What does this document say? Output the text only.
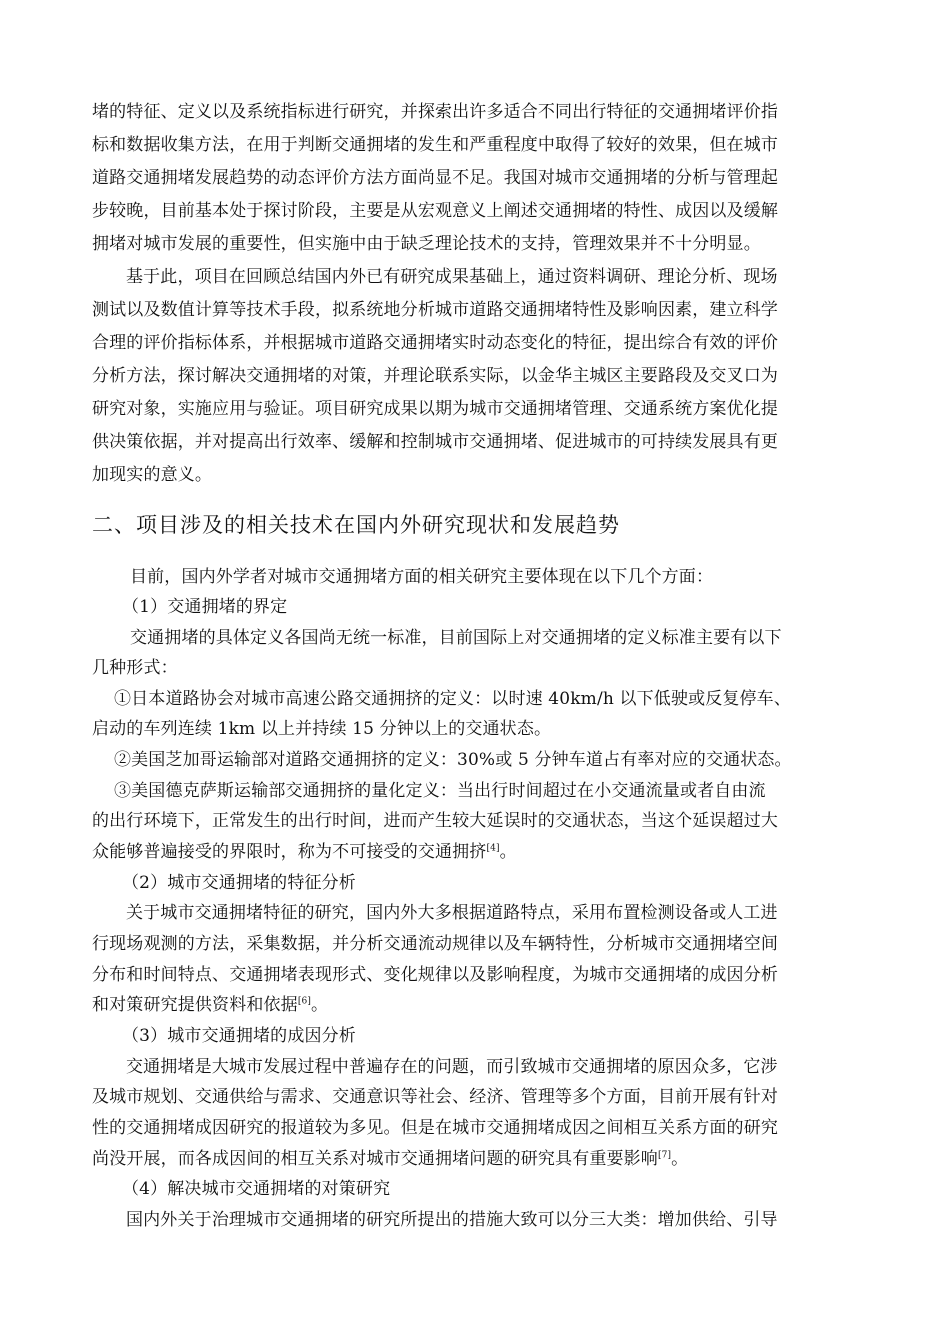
堵的特征、定义以及系统指标进行研究，并探索出许多适合不同出行特征的交通拥堵评价指
标和数据收集方法，在用于判断交通拥堵的发生和严重程度中取得了较好的效果，但在城市
道路交通拥堵发展趋势的动态评价方法方面尚显不足。我国对城市交通拥堵的分析与管理起
步较晚，目前基本处于探讨阶段，主要是从宏观意义上阐述交通拥堵的特性、成因以及缓解
拥堵对城市发展的重要性，但实施中由于缺乏理论技术的支持，管理效果并不十分明显。
基于此，项目在回顾总结国内外已有研究成果基础上，通过资料调研、理论分析、现场
测试以及数值计算等技术手段，拟系统地分析城市道路交通拥堵特性及影响因素，建立科学
合理的评价指标体系，并根据城市道路交通拥堵实时动态变化的特征，提出综合有效的评价
分析方法，探讨解决交通拥堵的对策，并理论联系实际，以金华主城区主要路段及交叉口为
研究对象，实施应用与验证。项目研究成果以期为城市交通拥堵管理、交通系统方案优化提
供决策依据，并对提高出行效率、缓解和控制城市交通拥堵、促进城市的可持续发展具有更
加现实的意义。
二、项目涉及的相关技术在国内外研究现状和发展趋势
目前，国内外学者对城市交通拥堵方面的相关研究主要体现在以下几个方面：
（1）交通拥堵的界定
交通拥堵的具体定义各国尚无统一标准，目前国际上对交通拥堵的定义标准主要有以下
几种形式：
①日本道路协会对城市高速公路交通拥挤的定义：以时速 40km/h 以下低驶或反复停车、
启动的车列连续 1km 以上并持续 15 分钟以上的交通状态。
②美国芝加哥运输部对道路交通拥挤的定义：30%或 5 分钟车道占有率对应的交通状态。
③美国德克萨斯运输部交通拥挤的量化定义：当出行时间超过在小交通流量或者自由流
的出行环境下，正常发生的出行时间，进而产生较大延误时的交通状态，当这个延误超过大
众能够普遍接受的界限时，称为不可接受的交通拥挤[4]。
（2）城市交通拥堵的特征分析
关于城市交通拥堵特征的研究，国内外大多根据道路特点，采用布置检测设备或人工进
行现场观测的方法，采集数据，并分析交通流动规律以及车辆特性，分析城市交通拥堵空间
分布和时间特点、交通拥堵表现形式、变化规律以及影响程度，为城市交通拥堵的成因分析
和对策研究提供资料和依据[6]。
（3）城市交通拥堵的成因分析
交通拥堵是大城市发展过程中普遍存在的问题，而引致城市交通拥堵的原因众多，它涉
及城市规划、交通供给与需求、交通意识等社会、经济、管理等多个方面，目前开展有针对
性的交通拥堵成因研究的报道较为多见。但是在城市交通拥堵成因之间相互关系方面的研究
尚没开展，而各成因间的相互关系对城市交通拥堵问题的研究具有重要影响[7]。
（4）解决城市交通拥堵的对策研究
国内外关于治理城市交通拥堵的研究所提出的措施大致可以分三大类：增加供给、引导
